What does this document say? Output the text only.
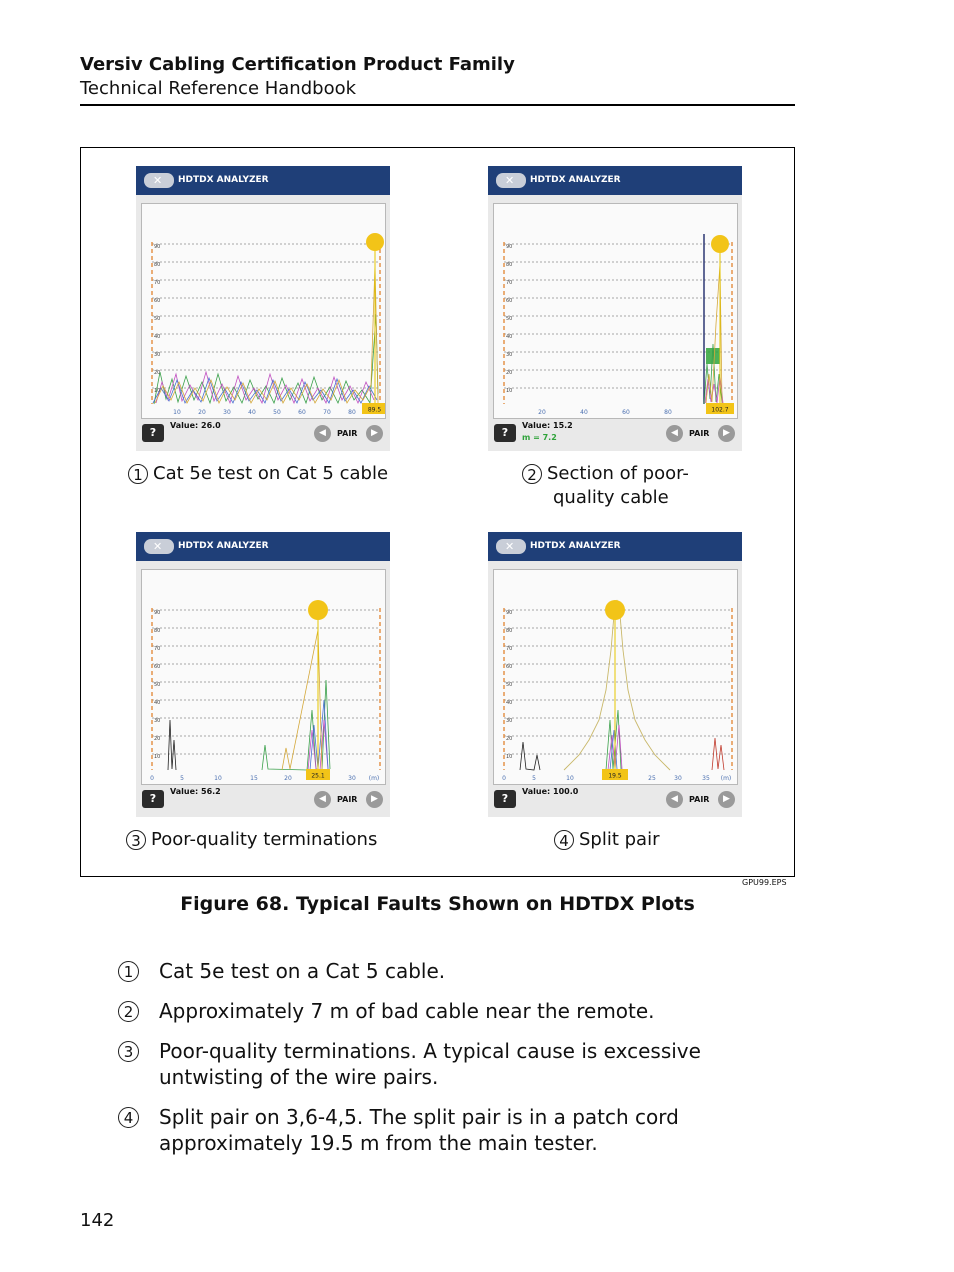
Versiv Cabling Certification Product Family
Technical Reference Handbook
✕ HDTDX ANALYZER
89.5
90
80
70
60
50
40
30
20
10
10	20	30	40	50	60	70	80
?
Value: 26.0
◀	PAIR	▶
✕ HDTDX ANALYZER
102.7
90
80
70
60
50
40
30
20
10
20	40	60	80
?
Value: 15.2
m = 7.2	◀	PAIR	▶
✕ HDTDX ANALYZER
25.1
90
80
70
60
50
40
30
20
10
0	5	10	15	20	30 (m)
?
Value: 56.2
◀	PAIR	▶
✕ HDTDX ANALYZER
19.5
90
80
70
60
50
40
30
20
10
0	5	10	25	30	35 (m)
?
Value: 100.0
◀	PAIR	▶
1 Cat 5e test on Cat 5 cable	2 Section of poor-
quality cable
3 Poor-quality terminations	4 Split pair
GPU99.EPS
Figure 68. Typical Faults Shown on HDTDX Plots
1 Cat 5e test on a Cat 5 cable.
2 Approximately 7 m of bad cable near the remote.
3 Poor-quality terminations. A typical cause is excessive untwisting of the wire pairs.
4 Split pair on 3,6-4,5. The split pair is in a patch cord approximately 19.5 m from the main tester.
142
